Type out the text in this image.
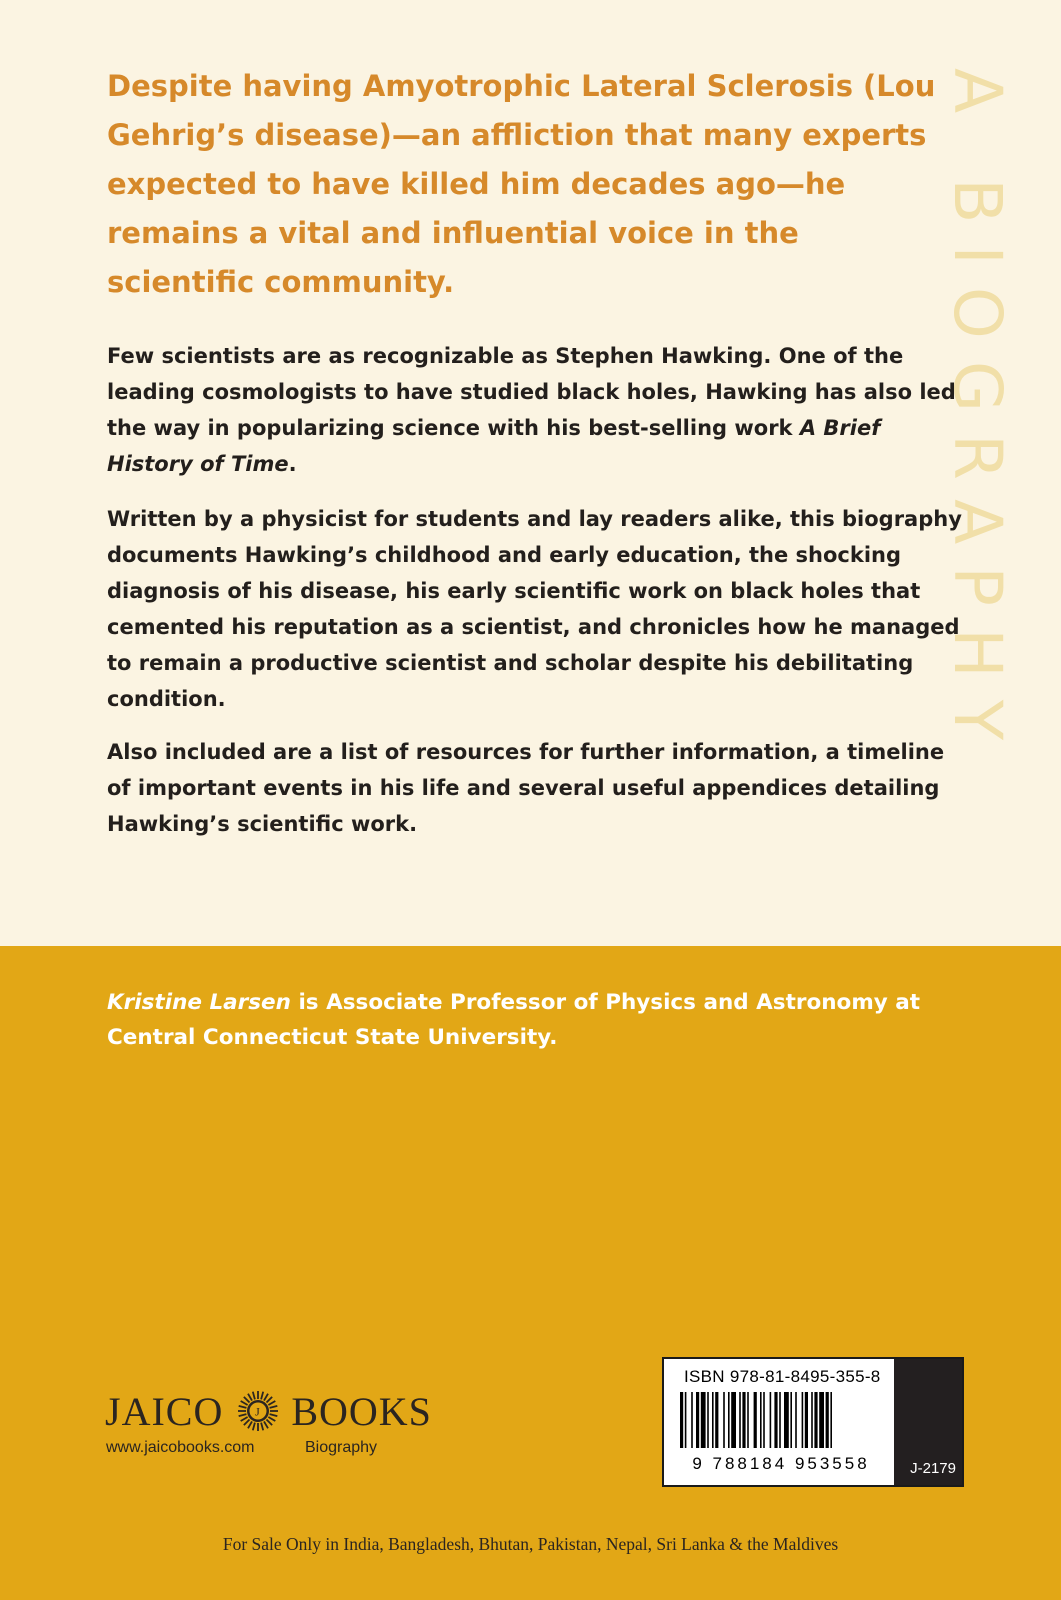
A BIOGRAPHY

Despite having Amyotrophic Lateral Sclerosis (Lou Gehrig’s disease)—an affliction that many experts expected to have killed him decades ago—he remains a vital and influential voice in the scientific community.

Few scientists are as recognizable as Stephen Hawking. One of the leading cosmologists to have studied black holes, Hawking has also led the way in popularizing science with his best-selling work A Brief History of Time.

Written by a physicist for students and lay readers alike, this biography documents Hawking’s childhood and early education, the shocking diagnosis of his disease, his early scientific work on black holes that cemented his reputation as a scientist, and chronicles how he managed to remain a productive scientist and scholar despite his debilitating condition.

Also included are a list of resources for further information, a timeline of important events in his life and several useful appendices detailing Hawking’s scientific work.

Kristine Larsen is Associate Professor of Physics and Astronomy at Central Connecticut State University.

JAICO	J BOOKS
www.jaicobooks.com	Biography
ISBN 978-81-8495-355-8
9 788184 953558	J-2179
For Sale Only in India, Bangladesh, Bhutan, Pakistan, Nepal, Sri Lanka & the Maldives
